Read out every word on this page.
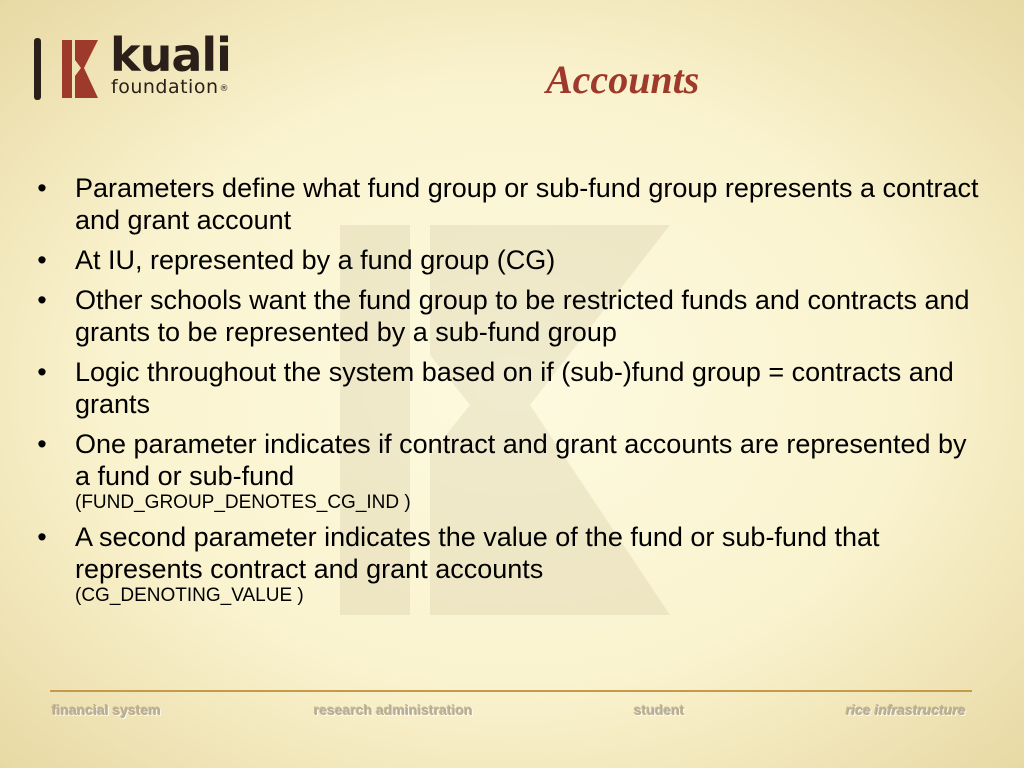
kuali
foundation®	Accounts
• Parameters define what fund group or sub-fund group represents a contract and grant account
• At IU, represented by a fund group (CG)
• Other schools want the fund group to be restricted funds and contracts and grants to be represented by a sub-fund group
• Logic throughout the system based on if (sub-)fund group = contracts and grants
• One parameter indicates if contract and grant accounts are represented by a fund or sub-fund
(FUND_GROUP_DENOTES_CG_IND )
• A second parameter indicates the value of the fund or sub-fund that represents contract and grant accounts
(CG_DENOTING_VALUE )
financial system	research administration	student	rice infrastructure
